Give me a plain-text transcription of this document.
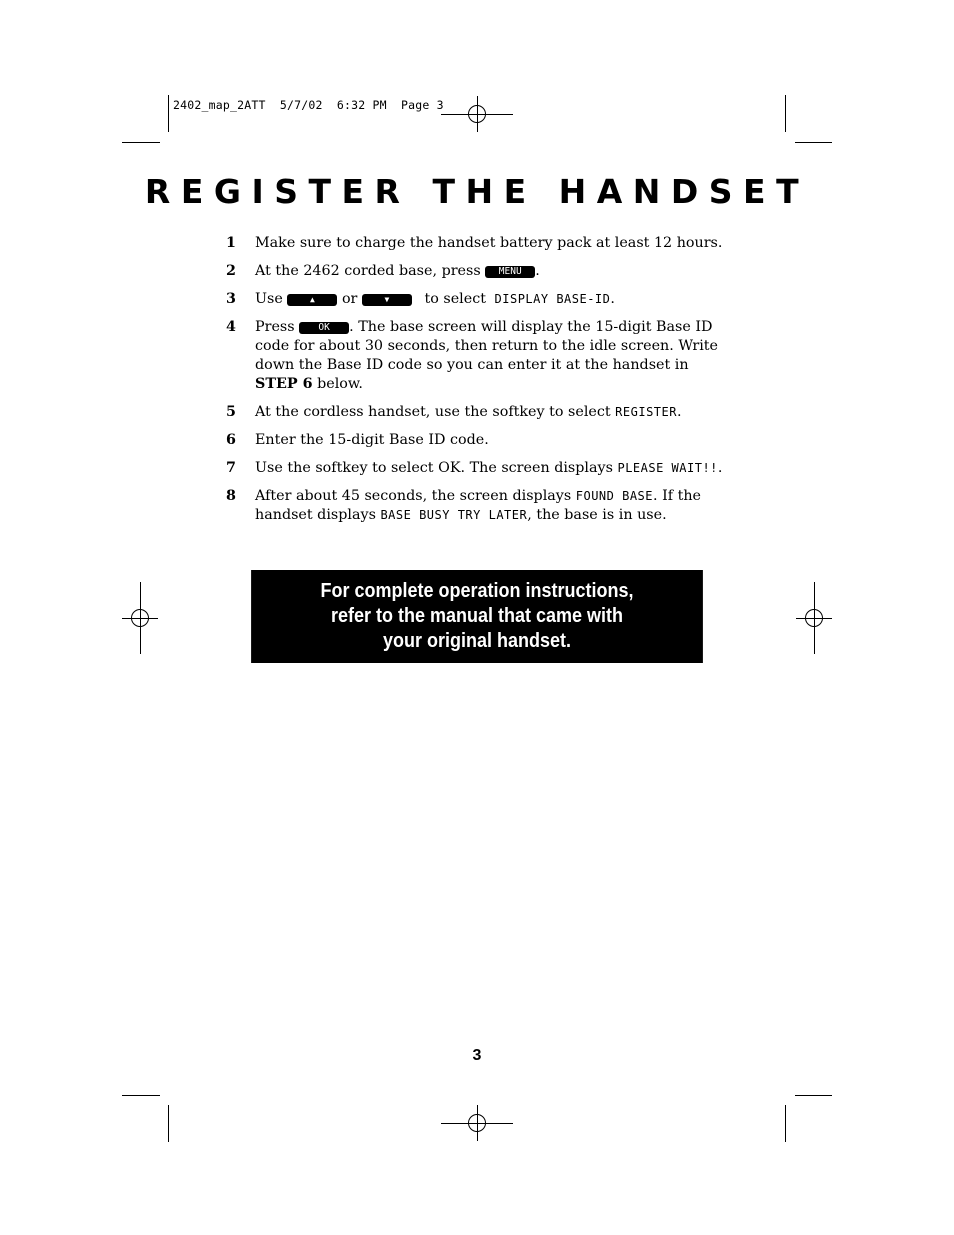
2402_map_2ATT  5/7/02  6:32 PM  Page 3
REGISTER THE HANDSET
1 Make sure to charge the handset battery pack at least 12 hours.
2 At the 2462 corded base, press MENU .
3 Use	▲ or	▼ to select DISPLAY BASE-ID.
4 Press OK . The base screen will display the 15-digit Base ID code for about 30 seconds, then return to the idle screen. Write down the Base ID code so you can enter it at the handset in STEP 6 below.
5 At the cordless handset, use the softkey to select REGISTER.
6 Enter the 15-digit Base ID code.
7 Use the softkey to select OK. The screen displays PLEASE WAIT!!.
8 After about 45 seconds, the screen displays FOUND BASE. If the handset displays BASE BUSY TRY LATER, the base is in use.
For complete operation instructions,
refer to the manual that came with
your original handset.
3
